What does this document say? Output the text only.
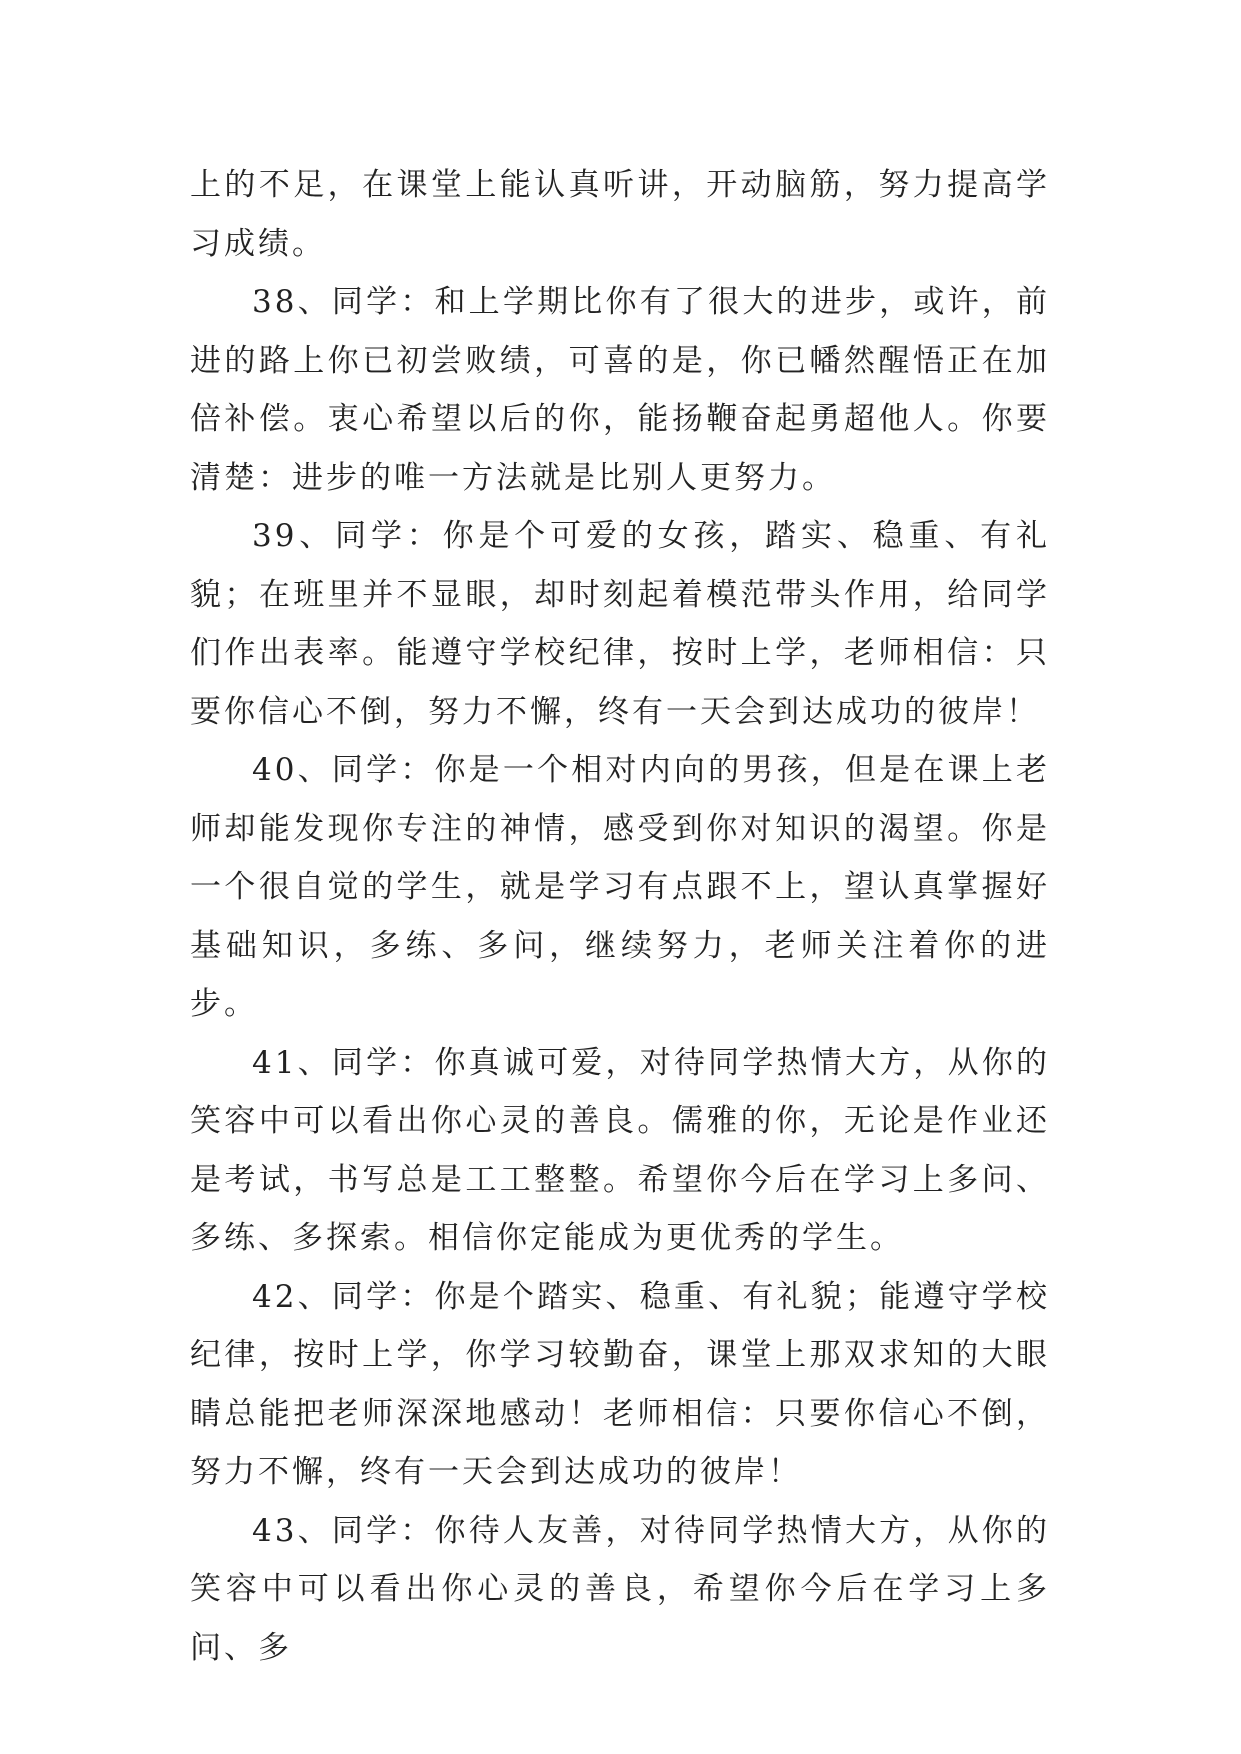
上的不足，在课堂上能认真听讲，开动脑筋，努力提高学习成绩。

38、同学：和上学期比你有了很大的进步，或许，前进的路上你已初尝败绩，可喜的是，你已幡然醒悟正在加倍补偿。衷心希望以后的你，能扬鞭奋起勇超他人。你要清楚：进步的唯一方法就是比别人更努力。

39、同学：你是个可爱的女孩，踏实、稳重、有礼貌；在班里并不显眼，却时刻起着模范带头作用，给同学们作出表率。能遵守学校纪律，按时上学，老师相信：只要你信心不倒，努力不懈，终有一天会到达成功的彼岸！

40、同学：你是一个相对内向的男孩，但是在课上老师却能发现你专注的神情，感受到你对知识的渴望。你是一个很自觉的学生，就是学习有点跟不上，望认真掌握好基础知识，多练、多问，继续努力，老师关注着你的进步。

41、同学：你真诚可爱，对待同学热情大方，从你的笑容中可以看出你心灵的善良。儒雅的你，无论是作业还是考试，书写总是工工整整。希望你今后在学习上多问、多练、多探索。相信你定能成为更优秀的学生。

42、同学：你是个踏实、稳重、有礼貌；能遵守学校纪律，按时上学，你学习较勤奋，课堂上那双求知的大眼睛总能把老师深深地感动！老师相信：只要你信心不倒，努力不懈，终有一天会到达成功的彼岸！

43、同学：你待人友善，对待同学热情大方，从你的笑容中可以看出你心灵的善良，希望你今后在学习上多问、多
